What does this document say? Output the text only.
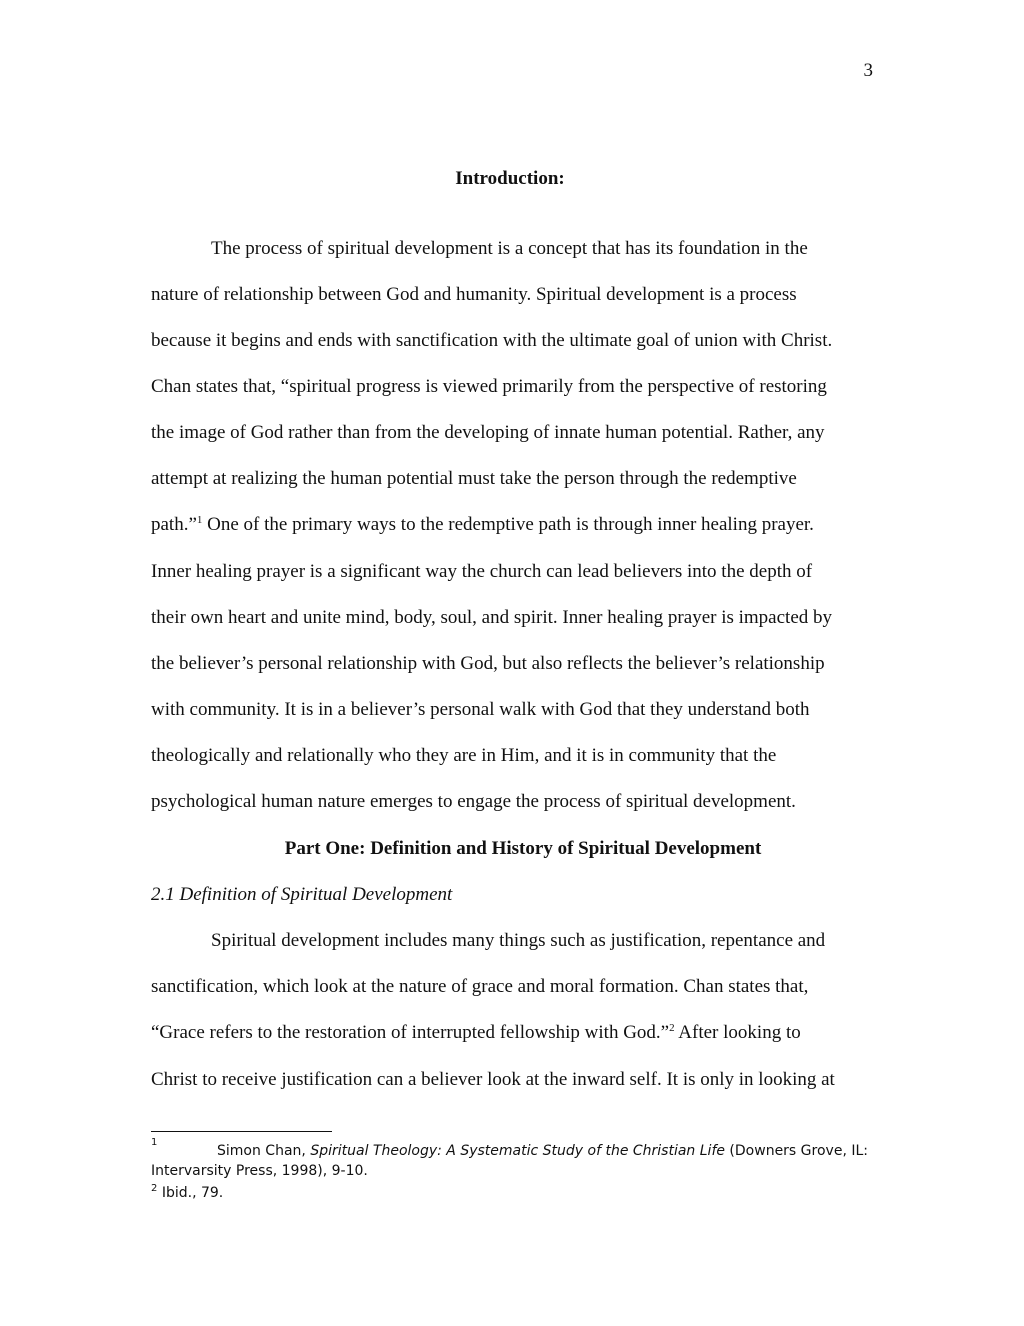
3
Introduction:
The process of spiritual development is a concept that has its foundation in the
nature of relationship between God and humanity. Spiritual development is a process
because it begins and ends with sanctification with the ultimate goal of union with Christ.
Chan states that, “spiritual progress is viewed primarily from the perspective of restoring
the image of God rather than from the developing of innate human potential. Rather, any
attempt at realizing the human potential must take the person through the redemptive
path.”$^1$ One of the primary ways to the redemptive path is through inner healing prayer.
Inner healing prayer is a significant way the church can lead believers into the depth of
their own heart and unite mind, body, soul, and spirit. Inner healing prayer is impacted by
the believer’s personal relationship with God, but also reflects the believer’s relationship
with community. It is in a believer’s personal walk with God that they understand both
theologically and relationally who they are in Him, and it is in community that the
psychological human nature emerges to engage the process of spiritual development.
Part One: Definition and History of Spiritual Development
2.1 Definition of Spiritual Development
Spiritual development includes many things such as justification, repentance and
sanctification, which look at the nature of grace and moral formation. Chan states that,
“Grace refers to the restoration of interrupted fellowship with God.”$^2$ After looking to
Christ to receive justification can a believer look at the inward self. It is only in looking at
$^1$
Simon Chan, Spiritual Theology: A Systematic Study of the Christian Life (Downers Grove, IL:
Intervarsity Press, 1998), 9-10.
$^2$ Ibid., 79.
